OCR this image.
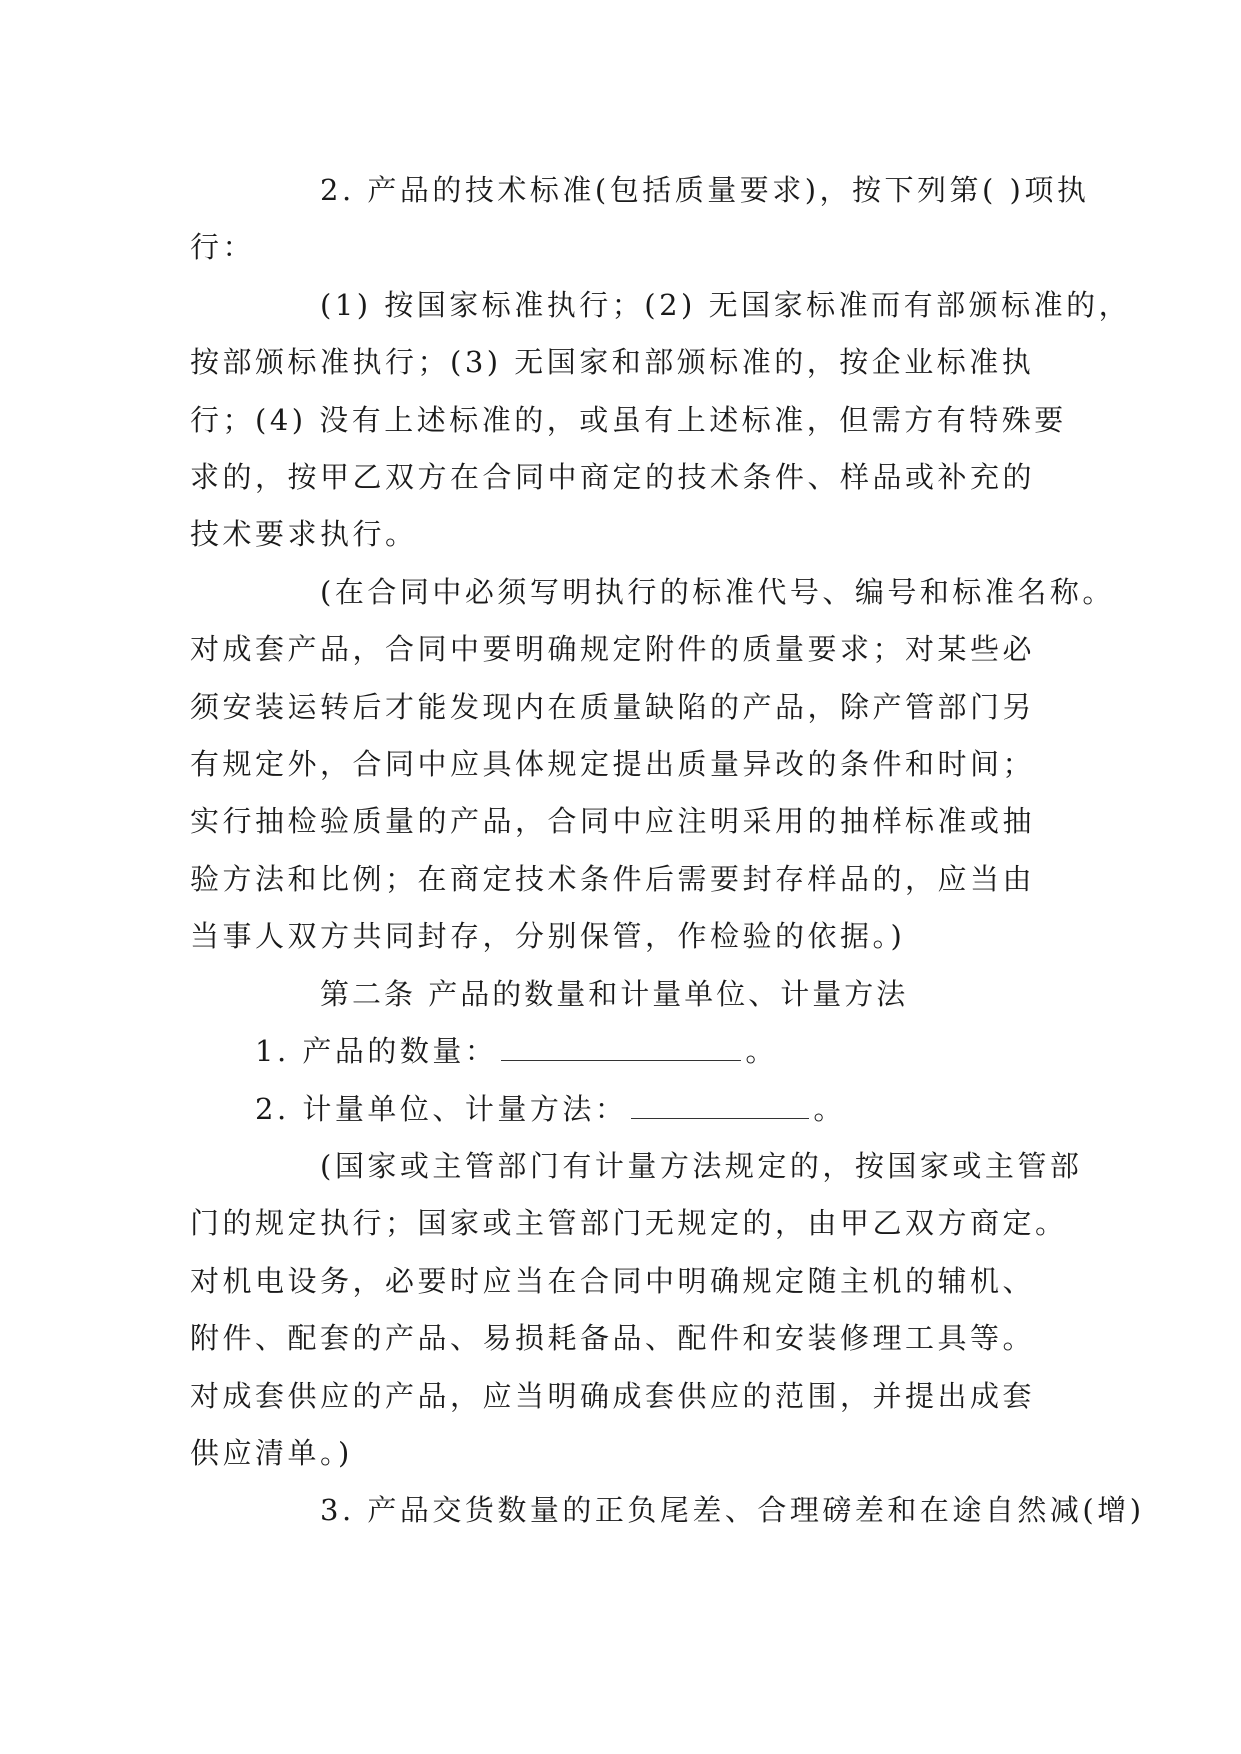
2. 产品的技术标准(包括质量要求)，按下列第( )项执
行：
(1) 按国家标准执行；(2) 无国家标准而有部颁标准的，
按部颁标准执行；(3) 无国家和部颁标准的，按企业标准执
行；(4) 没有上述标准的，或虽有上述标准，但需方有特殊要
求的，按甲乙双方在合同中商定的技术条件、样品或补充的
技术要求执行。
(在合同中必须写明执行的标准代号、编号和标准名称。
对成套产品，合同中要明确规定附件的质量要求；对某些必
须安装运转后才能发现内在质量缺陷的产品，除产管部门另
有规定外，合同中应具体规定提出质量异改的条件和时间；
实行抽检验质量的产品，合同中应注明采用的抽样标准或抽
验方法和比例；在商定技术条件后需要封存样品的，应当由
当事人双方共同封存，分别保管，作检验的依据。)
第二条 产品的数量和计量单位、计量方法
1. 产品的数量：	。
2. 计量单位、计量方法：	。
(国家或主管部门有计量方法规定的，按国家或主管部
门的规定执行；国家或主管部门无规定的，由甲乙双方商定。
对机电设务，必要时应当在合同中明确规定随主机的辅机、
附件、配套的产品、易损耗备品、配件和安装修理工具等。
对成套供应的产品，应当明确成套供应的范围，并提出成套
供应清单。)
3. 产品交货数量的正负尾差、合理磅差和在途自然减(增)
